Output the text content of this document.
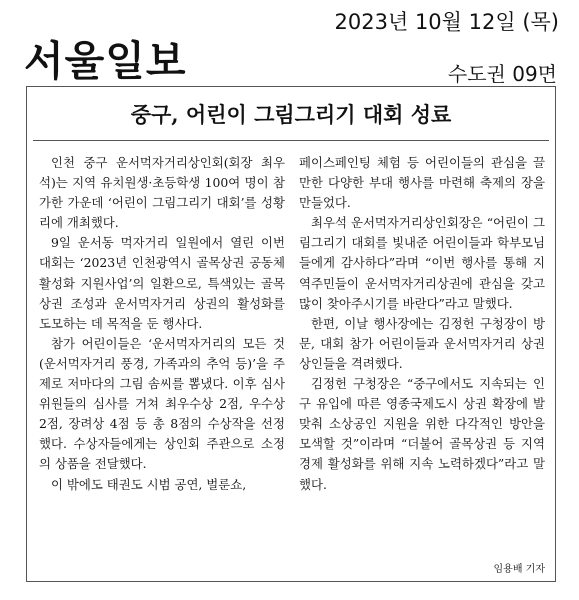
2023년 10월 12일 (목)
서울일보	수도권 09면
중구, 어린이 그림그리기 대회 성료

인천 중구 운서먹자거리상인회(회장 최우석)는 지역 유치원생·초등학생 100여 명이 참가한 가운데 ‘어린이 그림그리기 대회’를 성황리에 개최했다.

9일 운서동 먹자거리 일원에서 열린 이번 대회는 ‘2023년 인천광역시 골목상권 공동체 활성화 지원사업’의 일환으로, 특색있는 골목상권 조성과 운서먹자거리 상권의 활성화를 도모하는 데 목적을 둔 행사다.

참가 어린이들은 ‘운서먹자거리의 모든 것(운서먹자거리 풍경, 가족과의 추억 등)’을 주제로 저마다의 그림 솜씨를 뽐냈다. 이후 심사위원들의 심사를 거쳐 최우수상 2점, 우수상 2점, 장려상 4점 등 총 8점의 수상작을 선정했다. 수상자들에게는 상인회 주관으로 소정의 상품을 전달했다.

이 밖에도 태권도 시범 공연, 벌룬쇼,

페이스페인팅 체험 등 어린이들의 관심을 끌 만한 다양한 부대 행사를 마련해 축제의 장을 만들었다.

최우석 운서먹자거리상인회장은 “어린이 그림그리기 대회를 빛내준 어린이들과 학부모님들에게 감사하다”라며 “이번 행사를 통해 지역주민들이 운서먹자거리상권에 관심을 갖고 많이 찾아주시기를 바란다”라고 말했다.

한편, 이날 행사장에는 김정헌 구청장이 방문, 대회 참가 어린이들과 운서먹자거리 상권 상인들을 격려했다.

김정헌 구청장은 “중구에서도 지속되는 인구 유입에 따른 영종국제도시 상권 확장에 발맞춰 소상공인 지원을 위한 다각적인 방안을 모색할 것”이라며 “더불어 골목상권 등 지역경제 활성화를 위해 지속 노력하겠다”라고 말했다.

임용배 기자
